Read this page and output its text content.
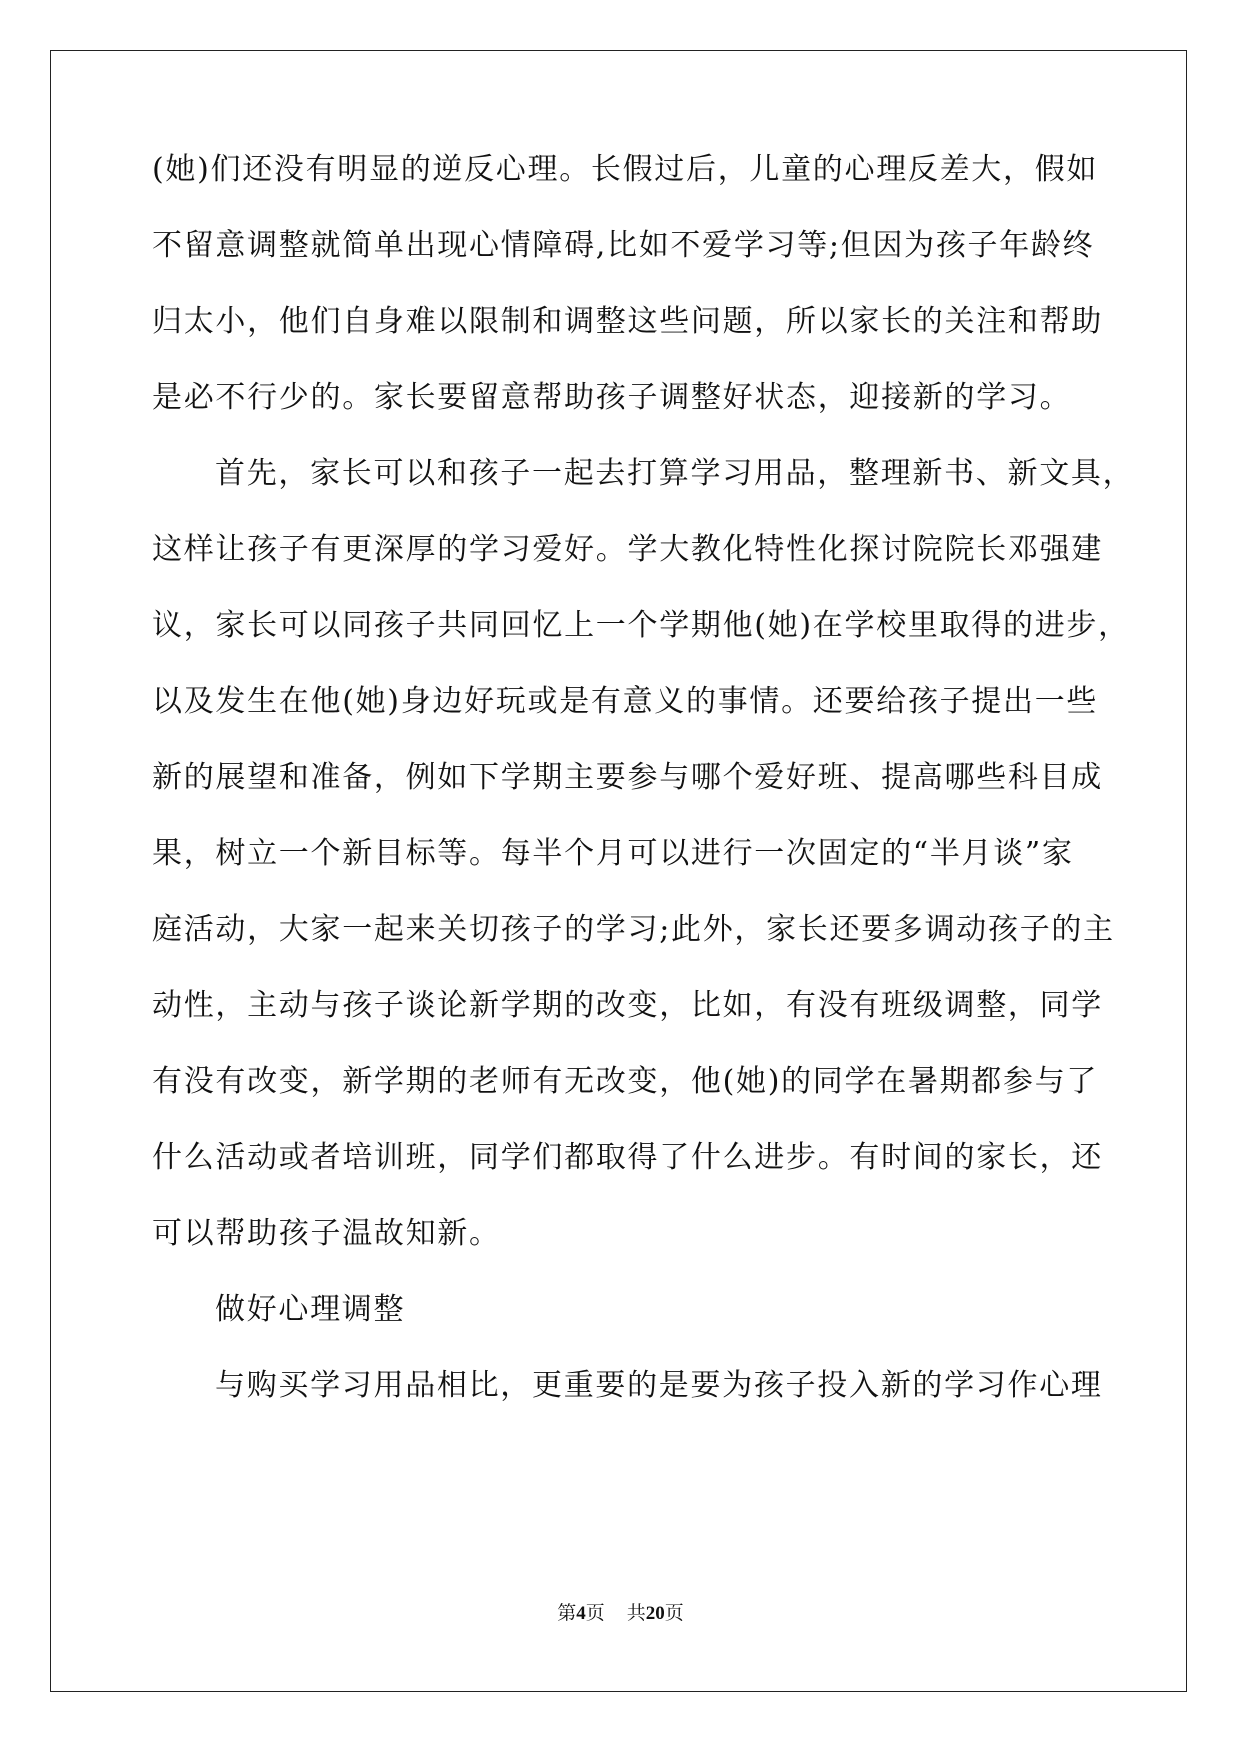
(她)们还没有明显的逆反心理。长假过后，儿童的心理反差大，假如
不留意调整就简单出现心情障碍,比如不爱学习等;但因为孩子年龄终
归太小，他们自身难以限制和调整这些问题，所以家长的关注和帮助
是必不行少的。家长要留意帮助孩子调整好状态，迎接新的学习。
首先，家长可以和孩子一起去打算学习用品，整理新书、新文具，
这样让孩子有更深厚的学习爱好。学大教化特性化探讨院院长邓强建
议，家长可以同孩子共同回忆上一个学期他(她)在学校里取得的进步，
以及发生在他(她)身边好玩或是有意义的事情。还要给孩子提出一些
新的展望和准备，例如下学期主要参与哪个爱好班、提高哪些科目成
果，树立一个新目标等。每半个月可以进行一次固定的“半月谈”家
庭活动，大家一起来关切孩子的学习;此外，家长还要多调动孩子的主
动性，主动与孩子谈论新学期的改变，比如，有没有班级调整，同学
有没有改变，新学期的老师有无改变，他(她)的同学在暑期都参与了
什么活动或者培训班，同学们都取得了什么进步。有时间的家长，还
可以帮助孩子温故知新。
做好心理调整
与购买学习用品相比，更重要的是要为孩子投入新的学习作心理
第4页 共20页
